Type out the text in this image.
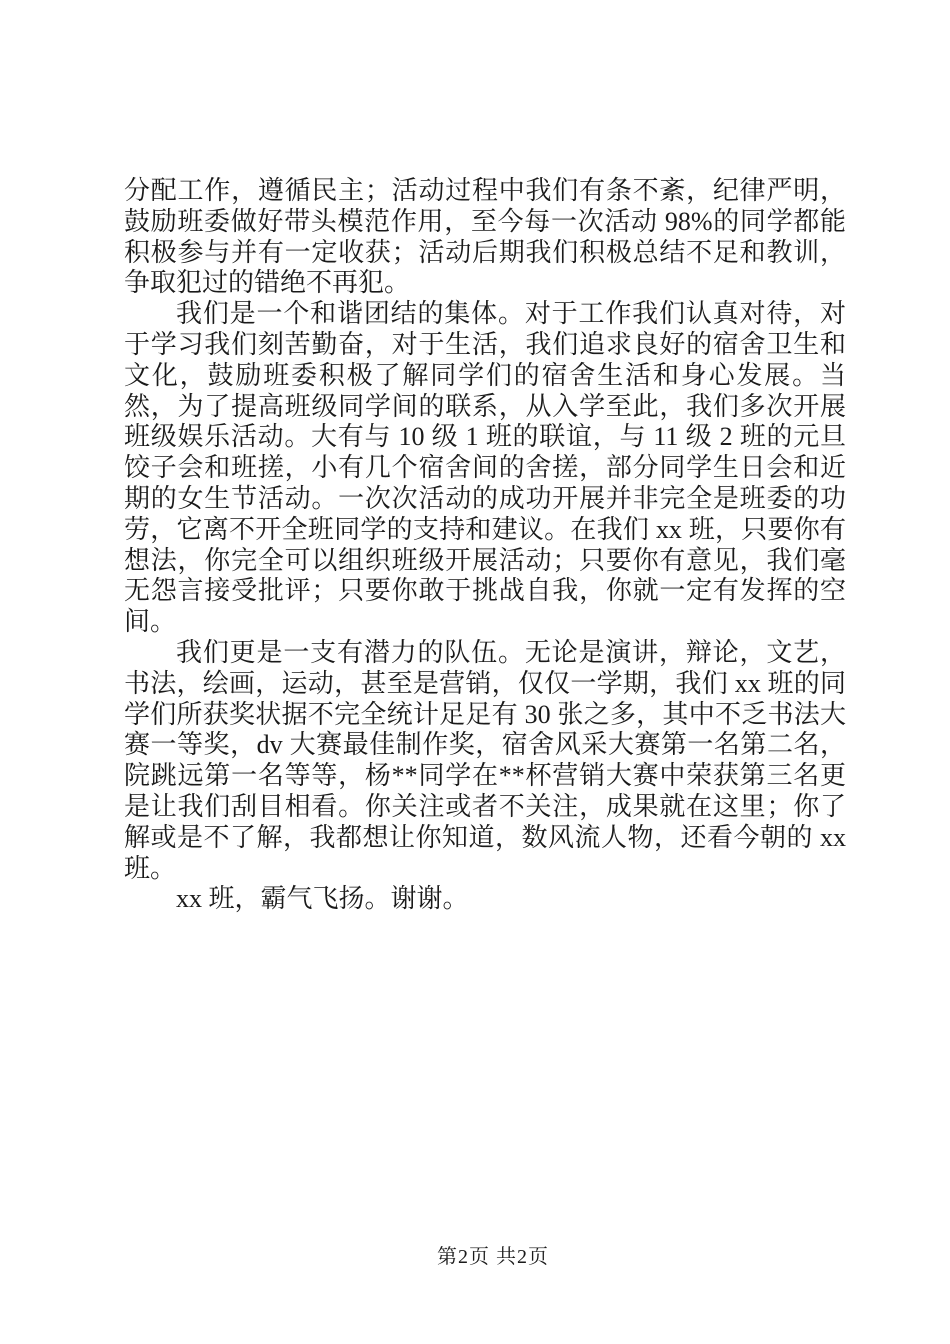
分配工作，遵循民主；活动过程中我们有条不紊，纪律严明，鼓励班委做好带头模范作用，至今每一次活动 98%的同学都能积极参与并有一定收获；活动后期我们积极总结不足和教训，争取犯过的错绝不再犯。

我们是一个和谐团结的集体。对于工作我们认真对待，对于学习我们刻苦勤奋，对于生活，我们追求良好的宿舍卫生和文化，鼓励班委积极了解同学们的宿舍生活和身心发展。当然，为了提高班级同学间的联系，从入学至此，我们多次开展班级娱乐活动。大有与 10 级 1 班的联谊，与 11 级 2 班的元旦饺子会和班搓，小有几个宿舍间的舍搓，部分同学生日会和近期的女生节活动。一次次活动的成功开展并非完全是班委的功劳，它离不开全班同学的支持和建议。在我们 xx 班，只要你有想法，你完全可以组织班级开展活动；只要你有意见，我们毫无怨言接受批评；只要你敢于挑战自我，你就一定有发挥的空间。

我们更是一支有潜力的队伍。无论是演讲，辩论，文艺，书法，绘画，运动，甚至是营销，仅仅一学期，我们 xx 班的同学们所获奖状据不完全统计足足有 30 张之多，其中不乏书法大赛一等奖，dv 大赛最佳制作奖，宿舍风采大赛第一名第二名，院跳远第一名等等，杨**同学在**杯营销大赛中荣获第三名更是让我们刮目相看。你关注或者不关注，成果就在这里；你了解或是不了解，我都想让你知道，数风流人物，还看今朝的 xx 班。

xx 班，霸气飞扬。谢谢。

第2页 共2页
